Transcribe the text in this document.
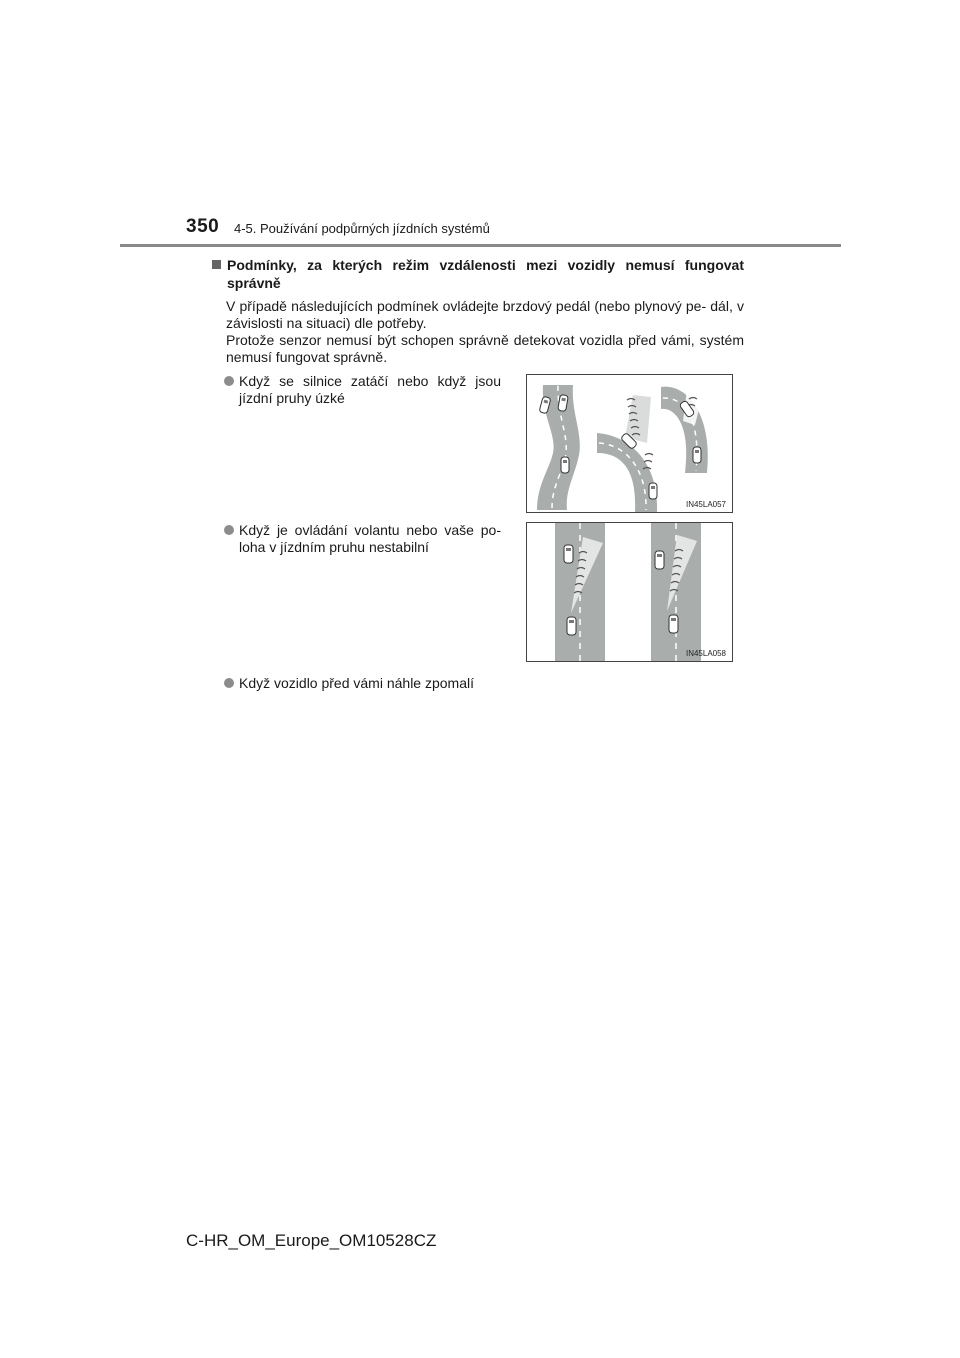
350 4-5. Používání podpůrných jízdních systémů
Podmínky, za kterých režim vzdálenosti mezi vozidly nemusí fungovat správně

V případě následujících podmínek ovládejte brzdový pedál (nebo plynový pe- dál, v závislosti na situaci) dle potřeby.

Protože senzor nemusí být schopen správně detekovat vozidla před vámi, systém nemusí fungovat správně.

Když se silnice zatáčí nebo když jsou jízdní pruhy úzké
IN45LA057
Když je ovládání volantu nebo vaše po- loha v jízdním pruhu nestabilní
IN45LA058
Když vozidlo před vámi náhle zpomalí
C-HR_OM_Europe_OM10528CZ
